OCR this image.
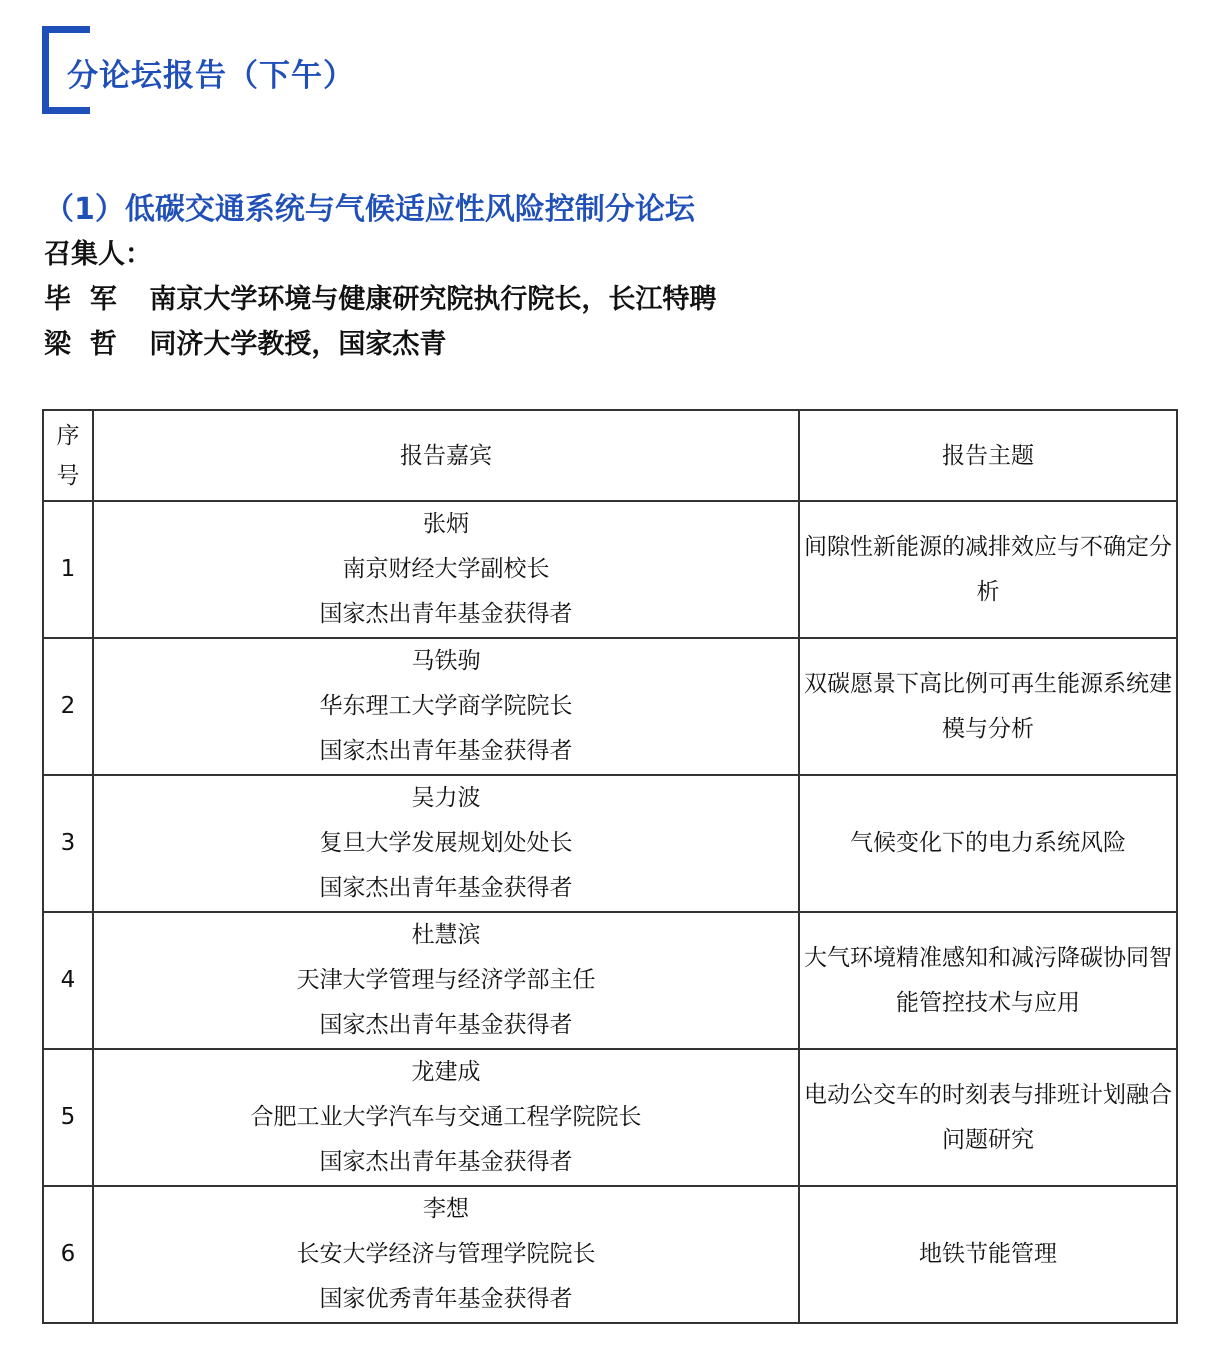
分论坛报告（下午）
（1）低碳交通系统与气候适应性风险控制分论坛
召集人：
毕  军 南京大学环境与健康研究院执行院长，长江特聘
梁  哲 同济大学教授，国家杰青
序
号	报告嘉宾	报告主题
1	张炳
南京财经大学副校长
国家杰出青年基金获得者	间隙性新能源的减排效应与不确定分析
2	马铁驹
华东理工大学商学院院长
国家杰出青年基金获得者	双碳愿景下高比例可再生能源系统建模与分析
3	吴力波
复旦大学发展规划处处长
国家杰出青年基金获得者	气候变化下的电力系统风险
4	杜慧滨
天津大学管理与经济学部主任
国家杰出青年基金获得者	大气环境精准感知和减污降碳协同智能管控技术与应用
5	龙建成
合肥工业大学汽车与交通工程学院院长
国家杰出青年基金获得者	电动公交车的时刻表与排班计划融合问题研究
6	李想
长安大学经济与管理学院院长
国家优秀青年基金获得者	地铁节能管理
